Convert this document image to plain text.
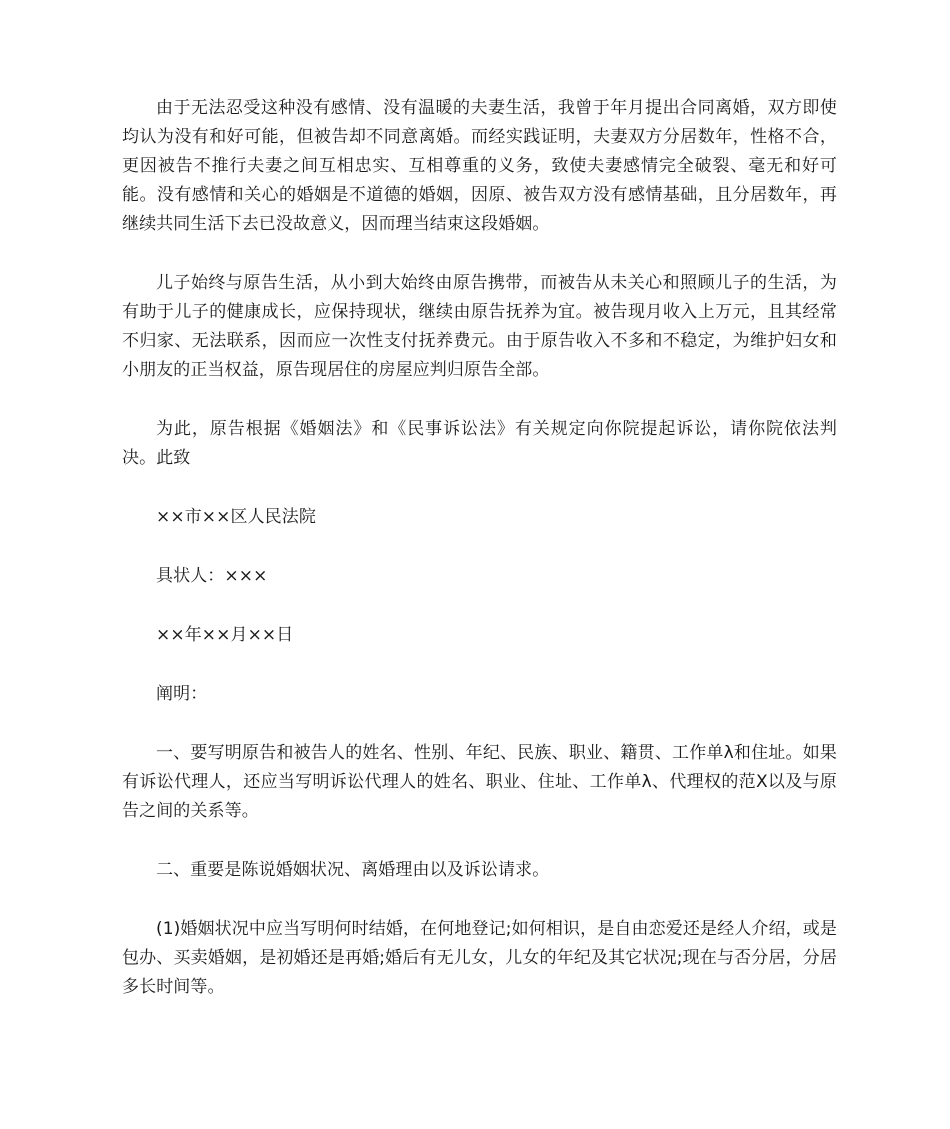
由于无法忍受这种没有感情、没有温暖的夫妻生活，我曾于年月提出合同离婚，双方即使均认为没有和好可能，但被告却不同意离婚。而经实践证明，夫妻双方分居数年，性格不合，更因被告不推行夫妻之间互相忠实、互相尊重的义务，致使夫妻感情完全破裂、毫无和好可能。没有感情和关心的婚姻是不道德的婚姻，因原、被告双方没有感情基础，且分居数年，再继续共同生活下去已没故意义，因而理当结束这段婚姻。

儿子始终与原告生活，从小到大始终由原告携带，而被告从未关心和照顾儿子的生活，为有助于儿子的健康成长，应保持现状，继续由原告抚养为宜。被告现月收入上万元，且其经常不归家、无法联系，因而应一次性支付抚养费元。由于原告收入不多和不稳定，为维护妇女和小朋友的正当权益，原告现居住的房屋应判归原告全部。

为此，原告根据《婚姻法》和《民事诉讼法》有关规定向你院提起诉讼，请你院依法判决。此致

××市××区人民法院

具状人：×××

××年××月××日

阐明：

一、要写明原告和被告人的姓名、性别、年纪、民族、职业、籍贯、工作单λ和住址。如果有诉讼代理人，还应当写明诉讼代理人的姓名、职业、住址、工作单λ、代理权的范Χ以及与原告之间的关系等。

二、重要是陈说婚姻状况、离婚理由以及诉讼请求。

(1)婚姻状况中应当写明何时结婚，在何地登记;如何相识，是自由恋爱还是经人介绍，或是包办、买卖婚姻，是初婚还是再婚;婚后有无儿女，儿女的年纪及其它状况;现在与否分居，分居多长时间等。
